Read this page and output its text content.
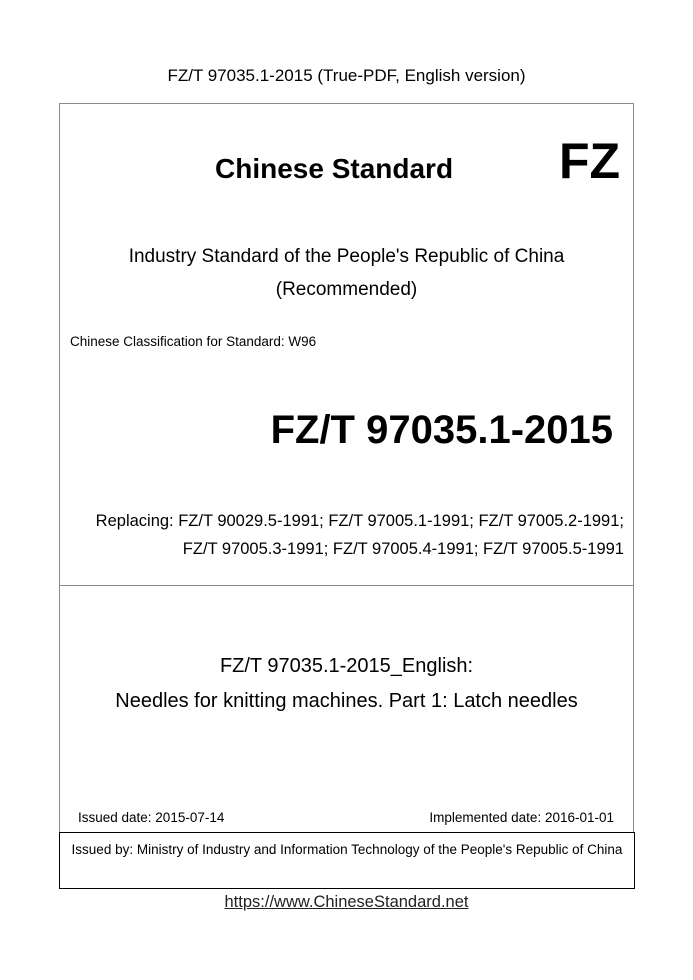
FZ/T 97035.1-2015 (True-PDF, English version)
Chinese Standard FZ
Industry Standard of the People's Republic of China
(Recommended)
Chinese Classification for Standard: W96
FZ/T 97035.1-2015
Replacing: FZ/T 90029.5-1991; FZ/T 97005.1-1991; FZ/T 97005.2-1991;
FZ/T 97005.3-1991; FZ/T 97005.4-1991; FZ/T 97005.5-1991
FZ/T 97035.1-2015_English:
Needles for knitting machines. Part 1: Latch needles
Issued date: 2015-07-14	Implemented date: 2016-01-01
Issued by: Ministry of Industry and Information Technology of the People's Republic of China
https://www.ChineseStandard.net
